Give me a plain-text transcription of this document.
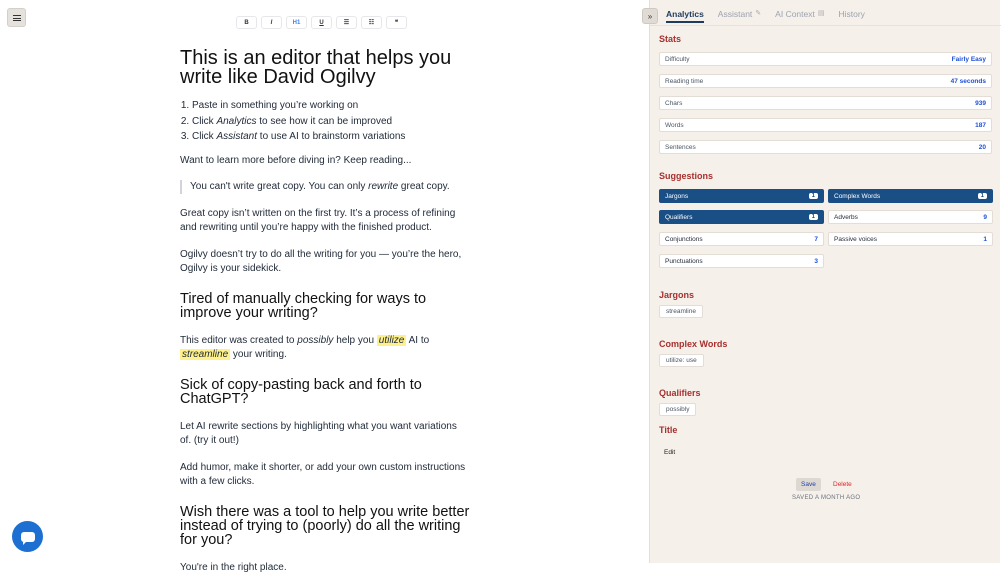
B	I	H1	U	☰	☷	❝
This is an editor that helps you write like David Ogilvy
1. Paste in something you’re working on
2. Click Analytics to see how it can be improved
3. Click Assistant to use AI to brainstorm variations

Want to learn more before diving in? Keep reading...

You can't write great copy. You can only rewrite great copy.

Great copy isn’t written on the first try. It’s a process of refining and rewriting until you’re happy with the finished product.

Ogilvy doesn’t try to do all the writing for you — you’re the hero, Ogilvy is your sidekick.

Tired of manually checking for ways to improve your writing?

This editor was created to possibly help you utilize AI to streamline your writing.

Sick of copy-pasting back and forth to ChatGPT?

Let AI rewrite sections by highlighting what you want variations of. (try it out!)

Add humor, make it shorter, or add your own custom instructions with a few clicks.

Wish there was a tool to help you write better instead of trying to (poorly) do all the writing for you?

You're in the right place.

»	Analytics Assistant ✎ AI Context ▤ History
Stats
Difficulty	Fairly Easy
Reading time	47 seconds
Chars	939
Words	187
Sentences	20
Suggestions
Jargons	1	Complex Words	1
Qualifiers	1	Adverbs	9
Conjunctions	7 Passive voices	1
Punctuations	3
Jargons
streamline
Complex Words
utilize: use
Qualifiers
possibly
Title
Edit
Save	Delete
SAVED A MONTH AGO
